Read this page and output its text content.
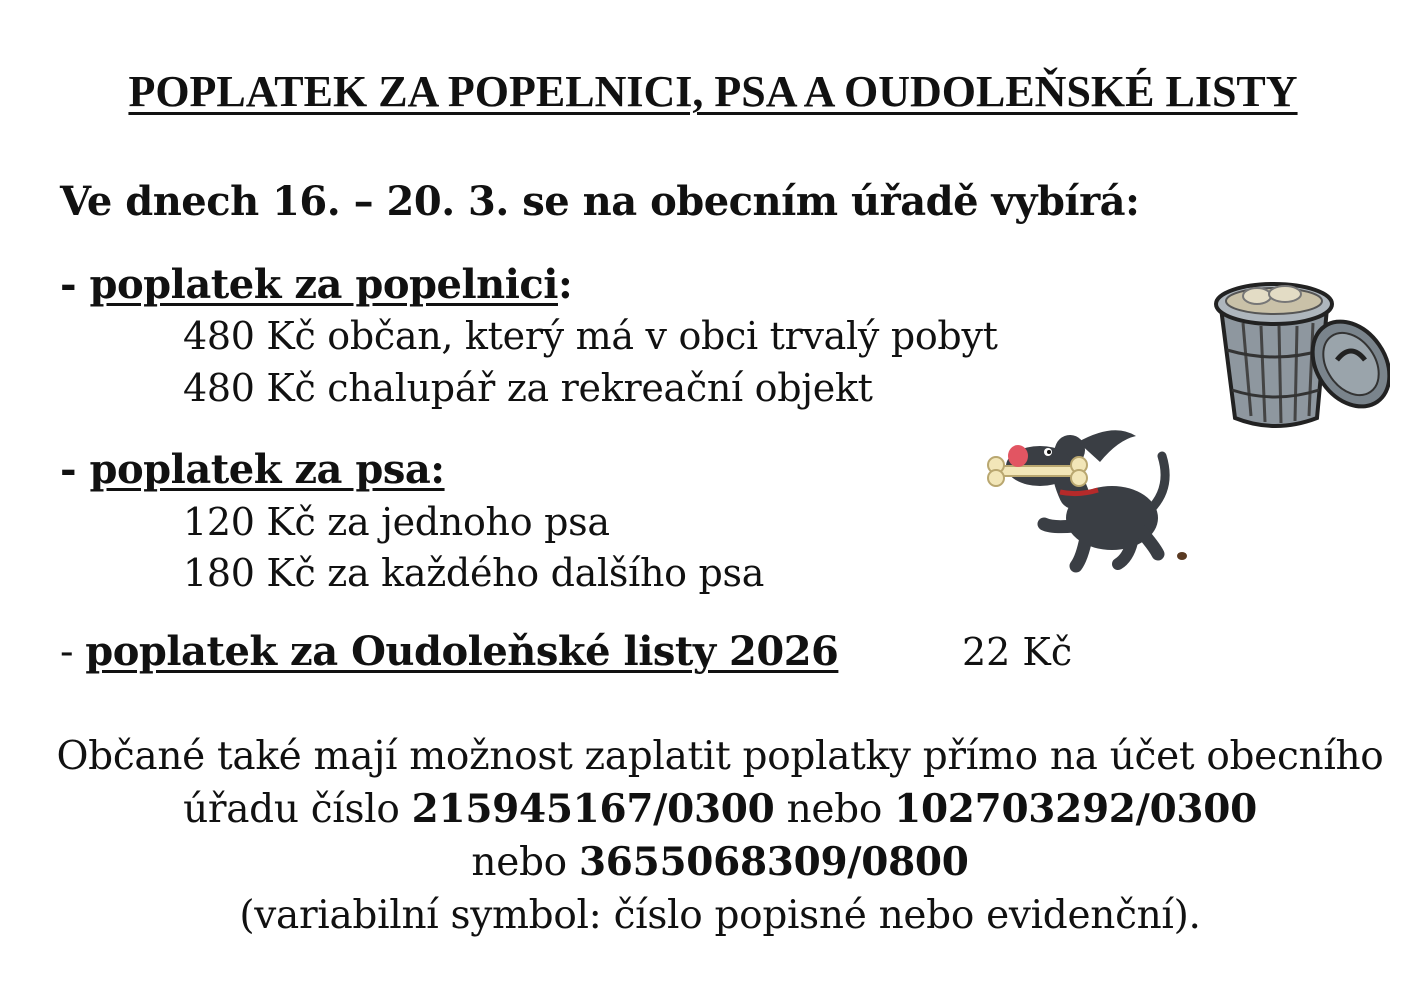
POPLATEK ZA POPELNICI, PSA A OUDOLEŇSKÉ LISTY
Ve dnech 16. – 20. 3. se na obecním úřadě vybírá:
- poplatek za popelnici:
480 Kč občan, který má v obci trvalý pobyt
480 Kč chalupář za rekreační objekt
- poplatek za psa:
120 Kč za jednoho psa
180 Kč za každého dalšího psa
- poplatek za Oudoleňské listy 2026	22 Kč
Občané také mají možnost zaplatit poplatky přímo na účet obecního
úřadu číslo 215945167/0300 nebo 102703292/0300
nebo 3655068309/0800
(variabilní symbol: číslo popisné nebo evidenční).
